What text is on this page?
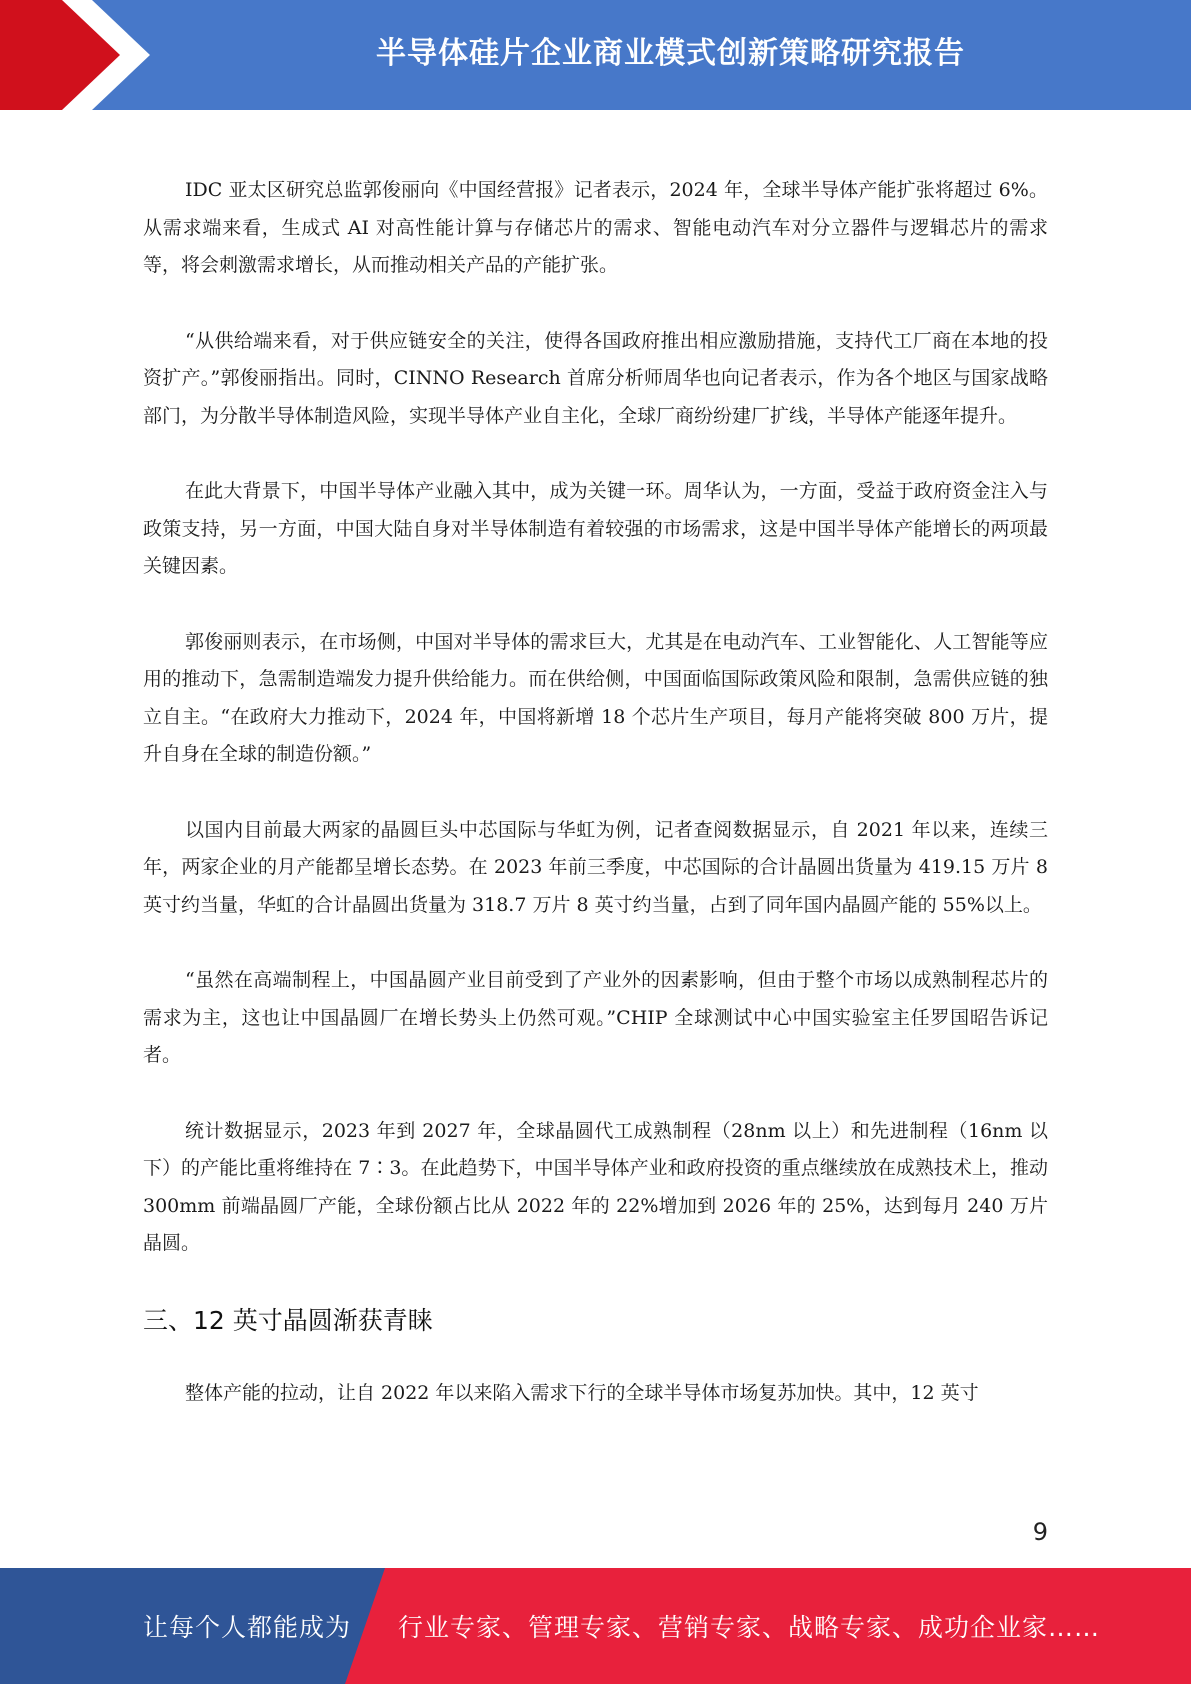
半导体硅片企业商业模式创新策略研究报告

IDC 亚太区研究总监郭俊丽向《中国经营报》记者表示，2024 年，全球半导体产能扩张将超过 6%。从需求端来看，生成式 AI 对高性能计算与存储芯片的需求、智能电动汽车对分立器件与逻辑芯片的需求等，将会刺激需求增长，从而推动相关产品的产能扩张。

“从供给端来看，对于供应链安全的关注，使得各国政府推出相应激励措施，支持代工厂商在本地的投资扩产。”郭俊丽指出。同时，CINNO Research 首席分析师周华也向记者表示，作为各个地区与国家战略部门，为分散半导体制造风险，实现半导体产业自主化，全球厂商纷纷建厂扩线，半导体产能逐年提升。

在此大背景下，中国半导体产业融入其中，成为关键一环。周华认为，一方面，受益于政府资金注入与政策支持，另一方面，中国大陆自身对半导体制造有着较强的市场需求，这是中国半导体产能增长的两项最关键因素。

郭俊丽则表示，在市场侧，中国对半导体的需求巨大，尤其是在电动汽车、工业智能化、人工智能等应用的推动下，急需制造端发力提升供给能力。而在供给侧，中国面临国际政策风险和限制，急需供应链的独立自主。“在政府大力推动下，2024 年，中国将新增 18 个芯片生产项目，每月产能将突破 800 万片，提升自身在全球的制造份额。”

以国内目前最大两家的晶圆巨头中芯国际与华虹为例，记者查阅数据显示，自 2021 年以来，连续三年，两家企业的月产能都呈增长态势。在 2023 年前三季度，中芯国际的合计晶圆出货量为 419.15 万片 8 英寸约当量，华虹的合计晶圆出货量为 318.7 万片 8 英寸约当量，占到了同年国内晶圆产能的 55%以上。

“虽然在高端制程上，中国晶圆产业目前受到了产业外的因素影响，但由于整个市场以成熟制程芯片的需求为主，这也让中国晶圆厂在增长势头上仍然可观。”CHIP 全球测试中心中国实验室主任罗国昭告诉记者。

统计数据显示，2023 年到 2027 年，全球晶圆代工成熟制程（28nm 以上）和先进制程（16nm 以下）的产能比重将维持在 7∶3。在此趋势下，中国半导体产业和政府投资的重点继续放在成熟技术上，推动 300mm 前端晶圆厂产能，全球份额占比从 2022 年的 22%增加到 2026 年的 25%，达到每月 240 万片晶圆。

三、12 英寸晶圆渐获青睐

整体产能的拉动，让自 2022 年以来陷入需求下行的全球半导体市场复苏加快。其中，12 英寸

9
让每个人都能成为 行业专家、管理专家、营销专家、战略专家、成功企业家……
